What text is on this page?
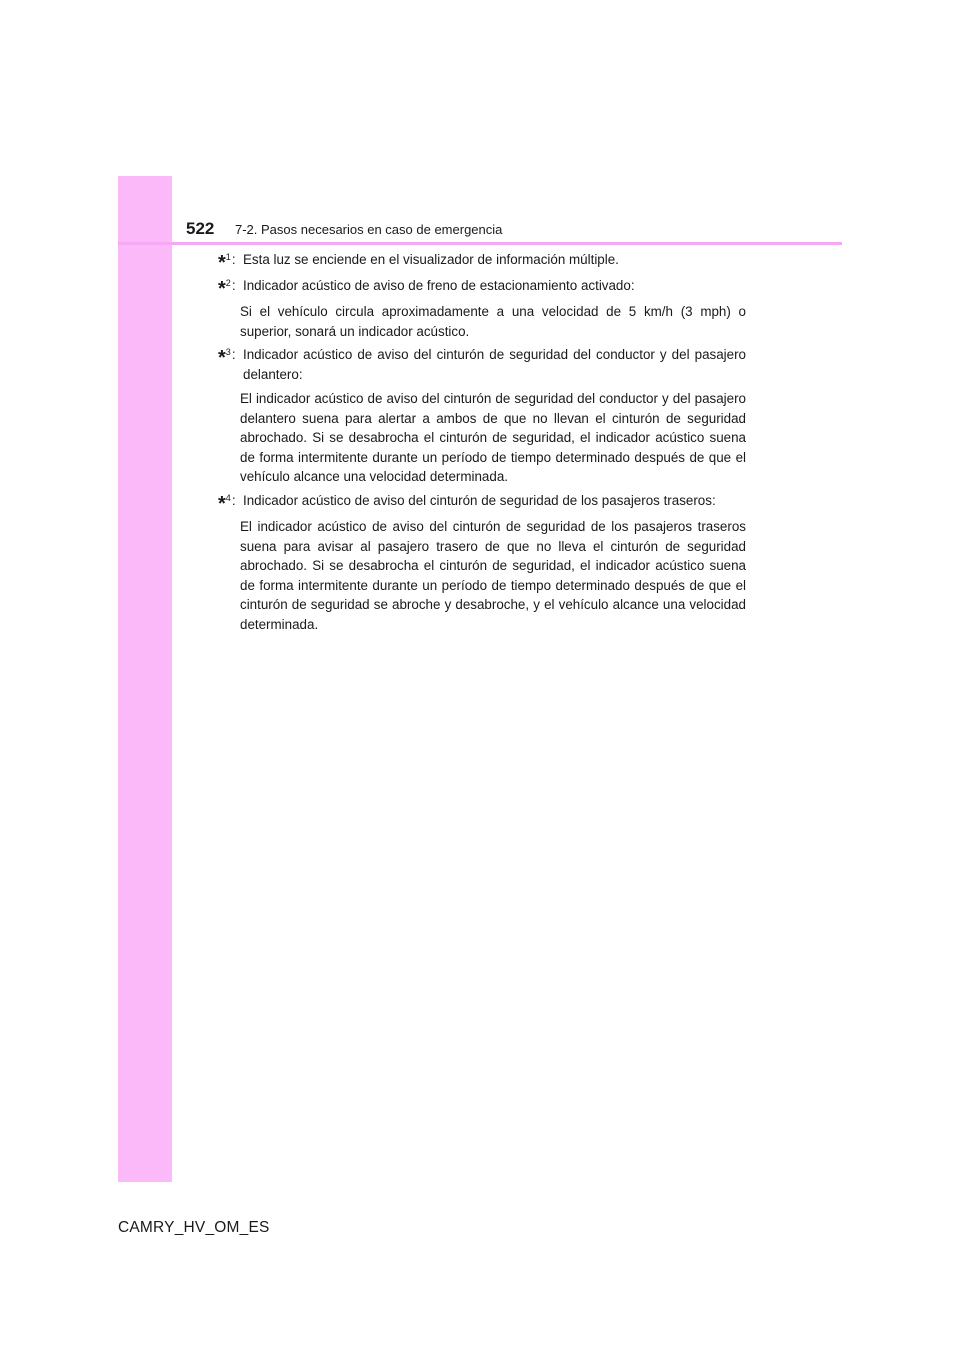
522 7-2. Pasos necesarios en caso de emergencia
*$^1$: Esta luz se enciende en el visualizador de información múltiple.
*$^2$: Indicador acústico de aviso de freno de estacionamiento activado:
Si el vehículo circula aproximadamente a una velocidad de 5 km/h (3 mph) o superior, sonará un indicador acústico.
*$^3$: Indicador acústico de aviso del cinturón de seguridad del conductor y del pasajero delantero:
El indicador acústico de aviso del cinturón de seguridad del conductor y del pasajero delantero suena para alertar a ambos de que no llevan el cinturón de seguridad abrochado. Si se desabrocha el cinturón de seguridad, el indicador acústico suena de forma intermitente durante un período de tiempo determinado después de que el vehículo alcance una velocidad determinada.
*$^4$: Indicador acústico de aviso del cinturón de seguridad de los pasajeros traseros:
El indicador acústico de aviso del cinturón de seguridad de los pasajeros traseros suena para avisar al pasajero trasero de que no lleva el cinturón de seguridad abrochado. Si se desabrocha el cinturón de seguridad, el indicador acústico suena de forma intermitente durante un período de tiempo determinado después de que el cinturón de seguridad se abroche y desabroche, y el vehículo alcance una velocidad determinada.
CAMRY_HV_OM_ES
